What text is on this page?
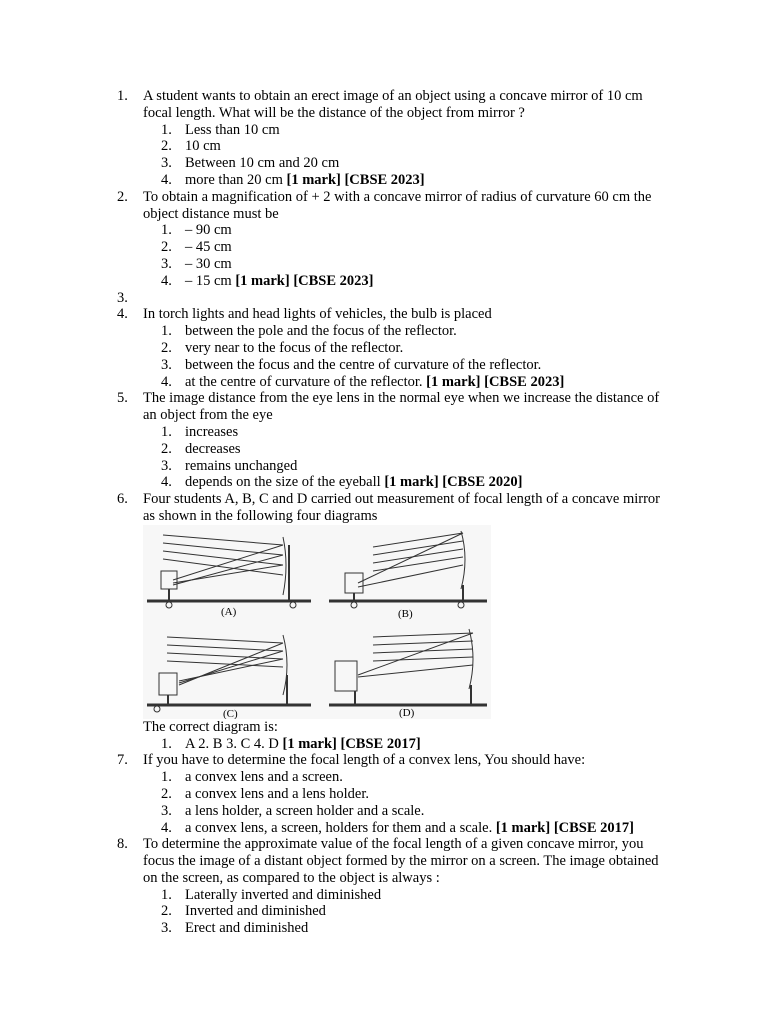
1. A student wants to obtain an erect image of an object using a concave mirror of 10 cm focal length. What will be the distance of the object from mirror ?
1. Less than 10 cm
2. 10 cm
3. Between 10 cm and 20 cm
4. more than 20 cm [1 mark] [CBSE 2023]
2. To obtain a magnification of + 2 with a concave mirror of radius of curvature 60 cm the object distance must be
1. – 90 cm
2. – 45 cm
3. – 30 cm
4. – 15 cm [1 mark] [CBSE 2023]
3.

4. In torch lights and head lights of vehicles, the bulb is placed
1. between the pole and the focus of the reflector.
2. very near to the focus of the reflector.
3. between the focus and the centre of curvature of the reflector.
4. at the centre of curvature of the reflector. [1 mark] [CBSE 2023]
5. The image distance from the eye lens in the normal eye when we increase the distance of an object from the eye
1. increases
2. decreases
3. remains unchanged
4. depends on the size of the eyeball [1 mark] [CBSE 2020]
6. Four students A, B, C and D carried out measurement of focal length of a concave mirror as shown in the following four diagrams
(A)	(B)
(C)	(D)
The correct diagram is:
1. A 2. B 3. C 4. D [1 mark] [CBSE 2017]
7. If you have to determine the focal length of a convex lens, You should have:
1. a convex lens and a screen.
2. a convex lens and a lens holder.
3. a lens holder, a screen holder and a scale.
4. a convex lens, a screen, holders for them and a scale. [1 mark] [CBSE 2017]
8. To determine the approximate value of the focal length of a given concave mirror, you focus the image of a distant object formed by the mirror on a screen. The image obtained on the screen, as compared to the object is always :
1. Laterally inverted and diminished
2. Inverted and diminished
3. Erect and diminished
